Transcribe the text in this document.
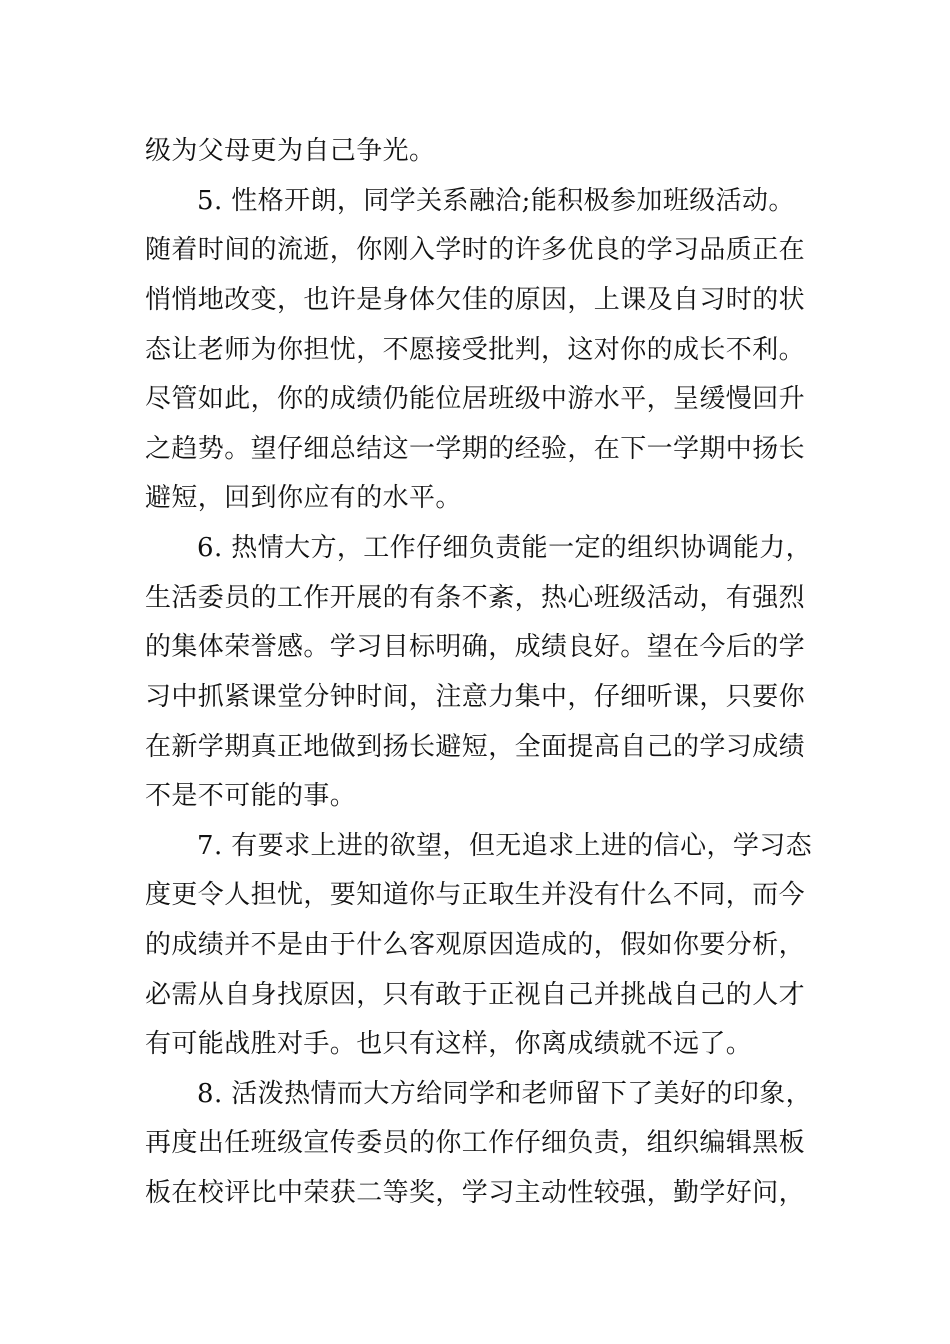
级为父母更为自己争光。
5. 性格开朗，同学关系融洽;能积极参加班级活动。
随着时间的流逝，你刚入学时的许多优良的学习品质正在
悄悄地改变，也许是身体欠佳的原因，上课及自习时的状
态让老师为你担忧，不愿接受批判，这对你的成长不利。
尽管如此，你的成绩仍能位居班级中游水平，呈缓慢回升
之趋势。望仔细总结这一学期的经验，在下一学期中扬长
避短，回到你应有的水平。
6. 热情大方，工作仔细负责能一定的组织协调能力，
生活委员的工作开展的有条不紊，热心班级活动，有强烈
的集体荣誉感。学习目标明确，成绩良好。望在今后的学
习中抓紧课堂分钟时间，注意力集中，仔细听课，只要你
在新学期真正地做到扬长避短，全面提高自己的学习成绩
不是不可能的事。
7. 有要求上进的欲望，但无追求上进的信心，学习态
度更令人担忧，要知道你与正取生并没有什么不同，而今
的成绩并不是由于什么客观原因造成的，假如你要分析，
必需从自身找原因，只有敢于正视自己并挑战自己的人才
有可能战胜对手。也只有这样，你离成绩就不远了。
8. 活泼热情而大方给同学和老师留下了美好的印象，
再度出任班级宣传委员的你工作仔细负责，组织编辑黑板
板在校评比中荣获二等奖，学习主动性较强，勤学好问，
